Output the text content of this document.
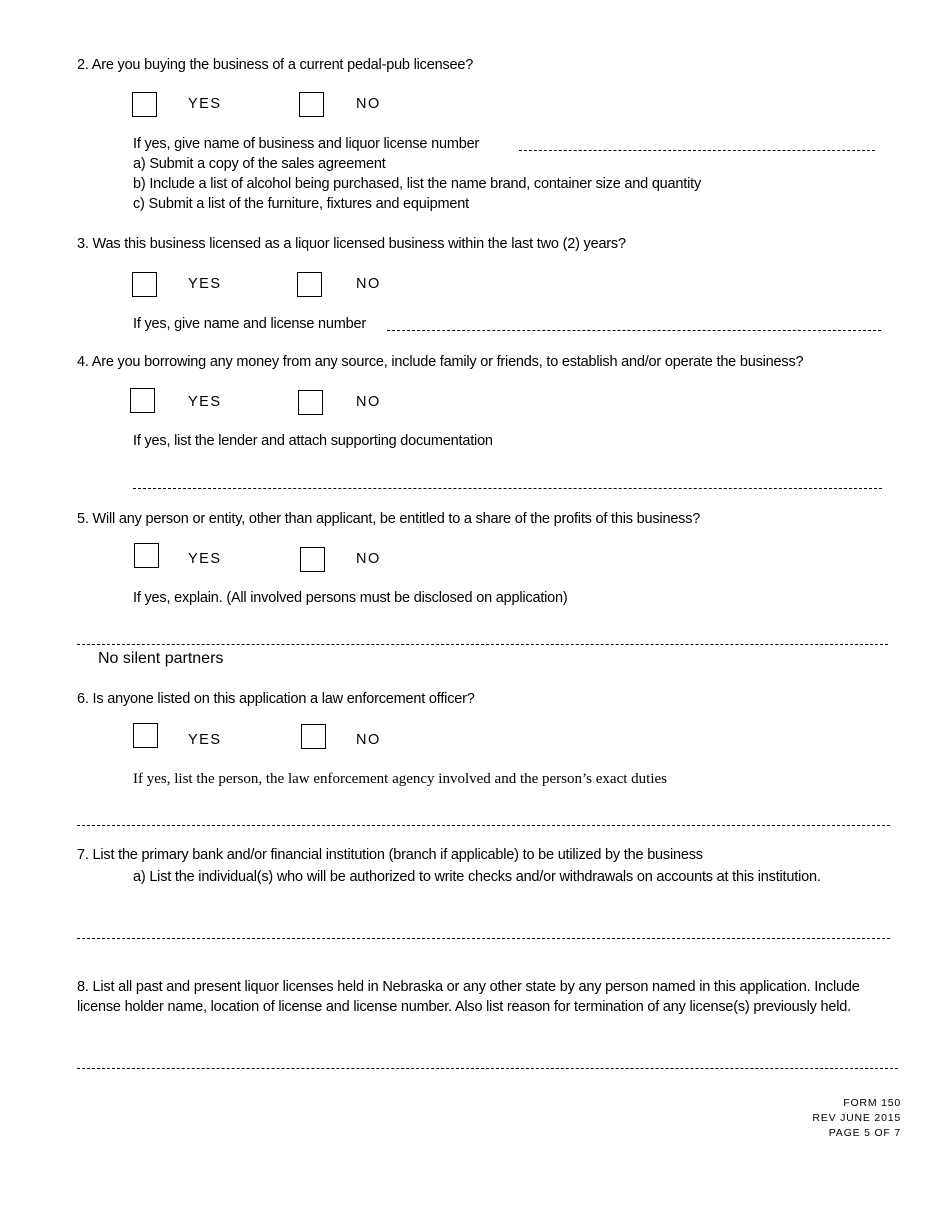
2. Are you buying the business of a current pedal-pub licensee?
YES	NO
If yes, give name of business and liquor license number
a) Submit a copy of the sales agreement
b) Include a list of alcohol being purchased, list the name brand, container size and quantity
c) Submit a list of the furniture, fixtures and equipment
3. Was this business licensed as a liquor licensed business within the last two (2) years?
YES	NO
If yes, give name and license number
4. Are you borrowing any money from any source, include family or friends, to establish and/or operate the business?
YES	NO
If yes, list the lender and attach supporting documentation
5. Will any person or entity, other than applicant, be entitled to a share of the profits of this business?
YES	NO
If yes, explain. (All involved persons must be disclosed on application)
No silent partners
6. Is anyone listed on this application a law enforcement officer?
YES	NO
If yes, list the person, the law enforcement agency involved and the person’s exact duties
7. List the primary bank and/or financial institution (branch if applicable) to be utilized by the business
a) List the individual(s) who will be authorized to write checks and/or withdrawals on accounts at this institution.
8. List all past and present liquor licenses held in Nebraska or any other state by any person named in this application. Include license holder name, location of license and license number. Also list reason for termination of any license(s) previously held.
FORM 150
REV JUNE 2015
PAGE 5 OF 7
